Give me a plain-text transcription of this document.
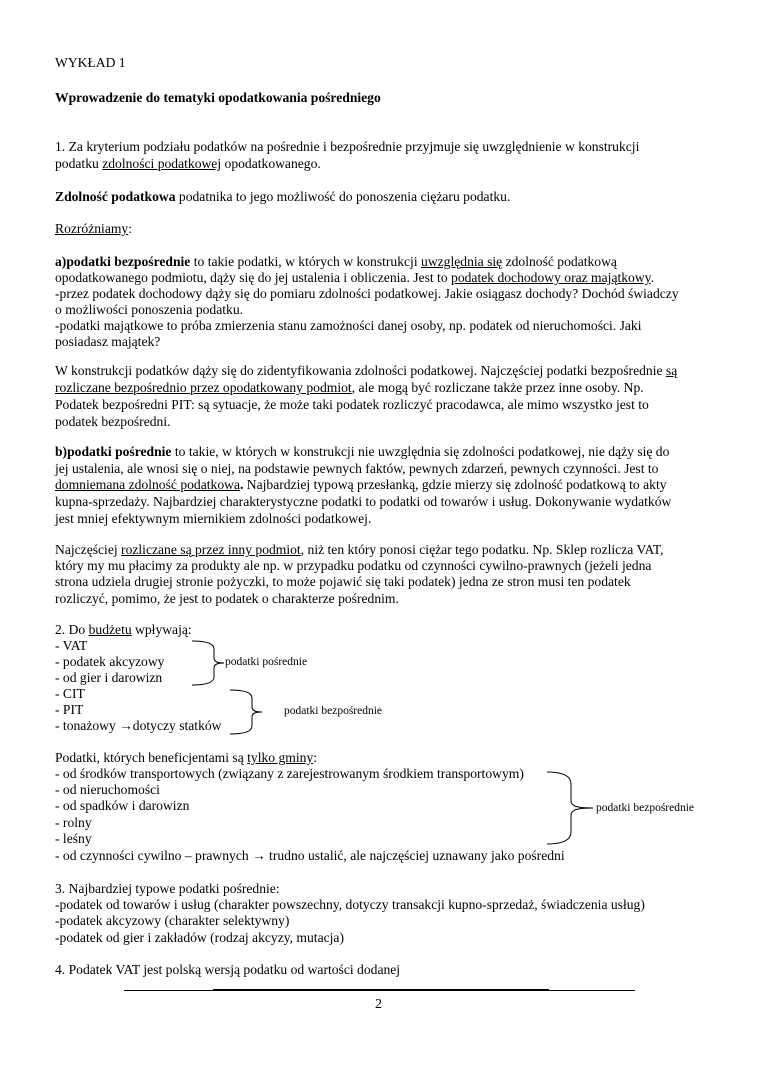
WYKŁAD 1
Wprowadzenie do tematyki opodatkowania pośredniego
1. Za kryterium podziału podatków na pośrednie i bezpośrednie przyjmuje się uwzględnienie w konstrukcji
podatku zdolności podatkowej opodatkowanego.
Zdolność podatkowa podatnika to jego możliwość do ponoszenia ciężaru podatku.
Rozróżniamy:
a)podatki bezpośrednie to takie podatki, w których w konstrukcji uwzględnia się zdolność podatkową
opodatkowanego podmiotu, dąży się do jej ustalenia i obliczenia. Jest to podatek dochodowy oraz majątkowy.
-przez podatek dochodowy dąży się do pomiaru zdolności podatkowej. Jakie osiągasz dochody? Dochód świadczy
o możliwości ponoszenia podatku.
-podatki majątkowe to próba zmierzenia stanu zamożności danej osoby, np. podatek od nieruchomości. Jaki
posiadasz majątek?
W konstrukcji podatków dąży się do zidentyfikowania zdolności podatkowej. Najczęściej podatki bezpośrednie są
rozliczane bezpośrednio przez opodatkowany podmiot, ale mogą być rozliczane także przez inne osoby. Np.
Podatek bezpośredni PIT: są sytuacje, że może taki podatek rozliczyć pracodawca, ale mimo wszystko jest to
podatek bezpośredni.
b)podatki pośrednie to takie, w których w konstrukcji nie uwzględnia się zdolności podatkowej, nie dąży się do
jej ustalenia, ale wnosi się o niej, na podstawie pewnych faktów, pewnych zdarzeń, pewnych czynności. Jest to
domniemana zdolność podatkowa. Najbardziej typową przesłanką, gdzie mierzy się zdolność podatkową to akty
kupna-sprzedaży. Najbardziej charakterystyczne podatki to podatki od towarów i usług. Dokonywanie wydatków
jest mniej efektywnym miernikiem zdolności podatkowej.
Najczęściej rozliczane są przez inny podmiot, niż ten który ponosi ciężar tego podatku. Np. Sklep rozlicza VAT,
który my mu płacimy za produkty ale np. w przypadku podatku od czynności cywilno-prawnych (jeżeli jedna
strona udziela drugiej stronie pożyczki, to może pojawić się taki podatek) jedna ze stron musi ten podatek
rozliczyć, pomimo, że jest to podatek o charakterze pośrednim.
2. Do budżetu wpływają:
- VAT
- podatek akcyzowy
- od gier i darowizn
- CIT
- PIT
- tonażowy →dotyczy statków
podatki pośrednie
podatki bezpośrednie
Podatki, których beneficjentami są tylko gminy:
- od środków transportowych (związany z zarejestrowanym środkiem transportowym)
- od nieruchomości
- od spadków i darowizn
- rolny
- leśny
- od czynności cywilno – prawnych → trudno ustalić, ale najczęściej uznawany jako pośredni
podatki bezpośrednie
3. Najbardziej typowe podatki pośrednie:
-podatek od towarów i usług (charakter powszechny, dotyczy transakcji kupno-sprzedaż, świadczenia usług)
-podatek akcyzowy (charakter selektywny)
-podatek od gier i zakładów (rodzaj akcyzy, mutacja)
4. Podatek VAT jest polską wersją podatku od wartości dodanej
2
